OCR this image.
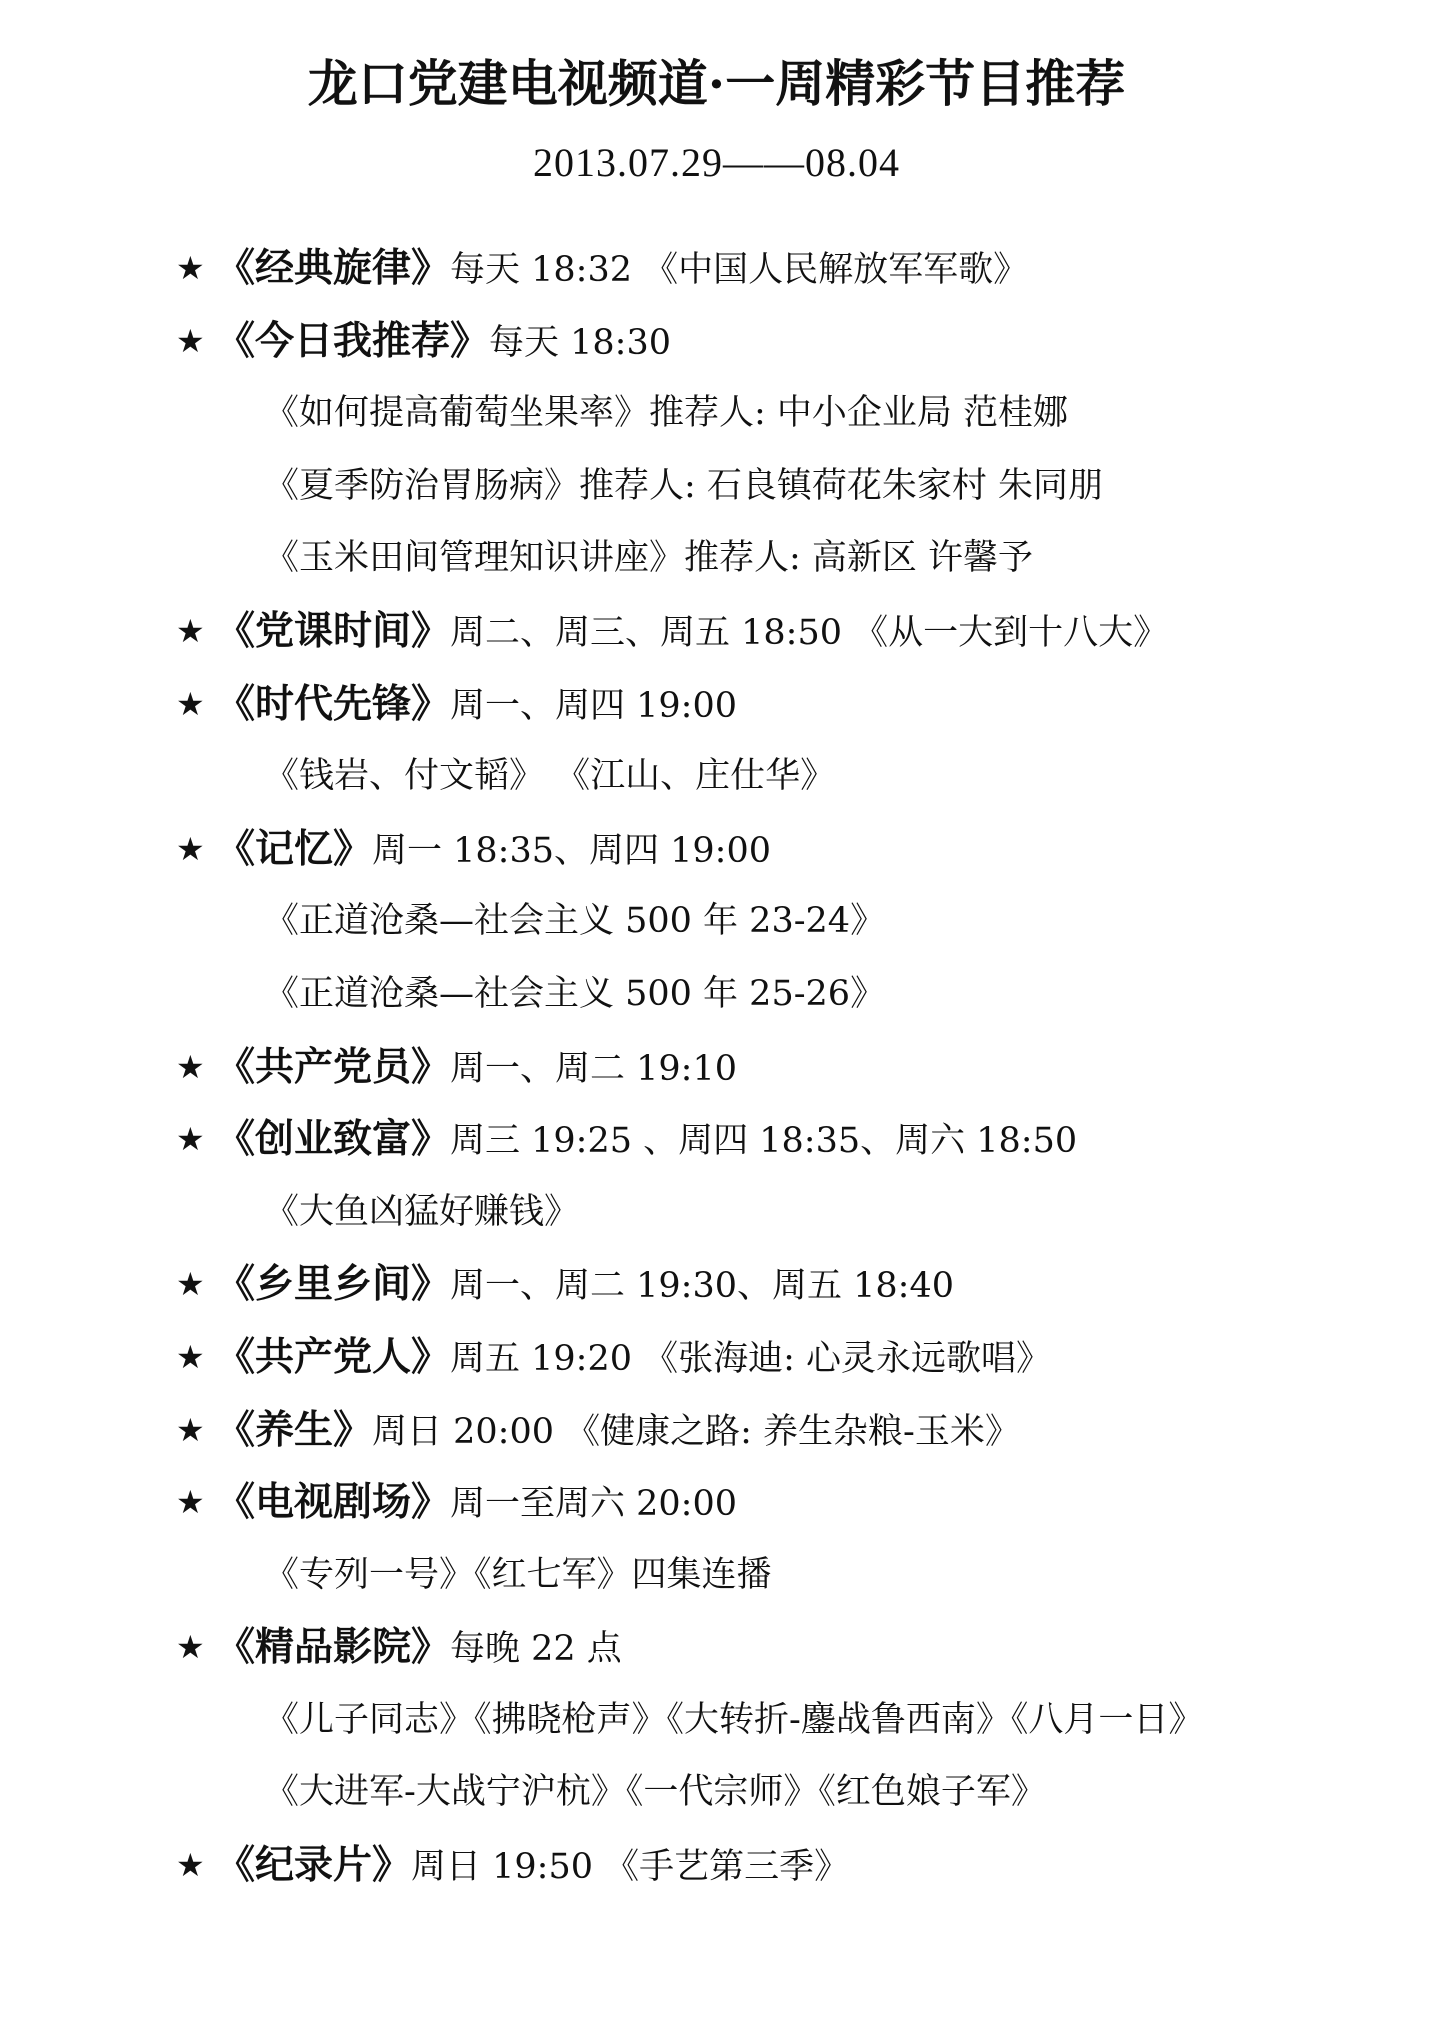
龙口党建电视频道·一周精彩节目推荐
2013.07.29——08.04
★ 《经典旋律》每天 18:32 《中国人民解放军军歌》
★ 《今日我推荐》每天 18:30
《如何提高葡萄坐果率》推荐人: 中小企业局 范桂娜
《夏季防治胃肠病》推荐人: 石良镇荷花朱家村 朱同朋
《玉米田间管理知识讲座》推荐人: 高新区 许馨予
★ 《党课时间》周二、周三、周五 18:50 《从一大到十八大》
★ 《时代先锋》周一、周四 19:00
《钱岩、付文韬》 《江山、庄仕华》
★ 《记忆》周一 18:35、周四 19:00
《正道沧桑—社会主义 500 年 23-24》
《正道沧桑—社会主义 500 年 25-26》
★ 《共产党员》周一、周二 19:10
★ 《创业致富》周三 19:25 、周四 18:35、周六 18:50
《大鱼凶猛好赚钱》
★ 《乡里乡间》周一、周二 19:30、周五 18:40
★ 《共产党人》周五 19:20 《张海迪: 心灵永远歌唱》
★ 《养生》周日 20:00 《健康之路: 养生杂粮-玉米》
★ 《电视剧场》周一至周六 20:00
《专列一号》《红七军》四集连播
★ 《精品影院》每晚 22 点
《儿子同志》《拂晓枪声》《大转折-鏖战鲁西南》《八月一日》
《大进军-大战宁沪杭》《一代宗师》《红色娘子军》
★ 《纪录片》周日 19:50 《手艺第三季》
